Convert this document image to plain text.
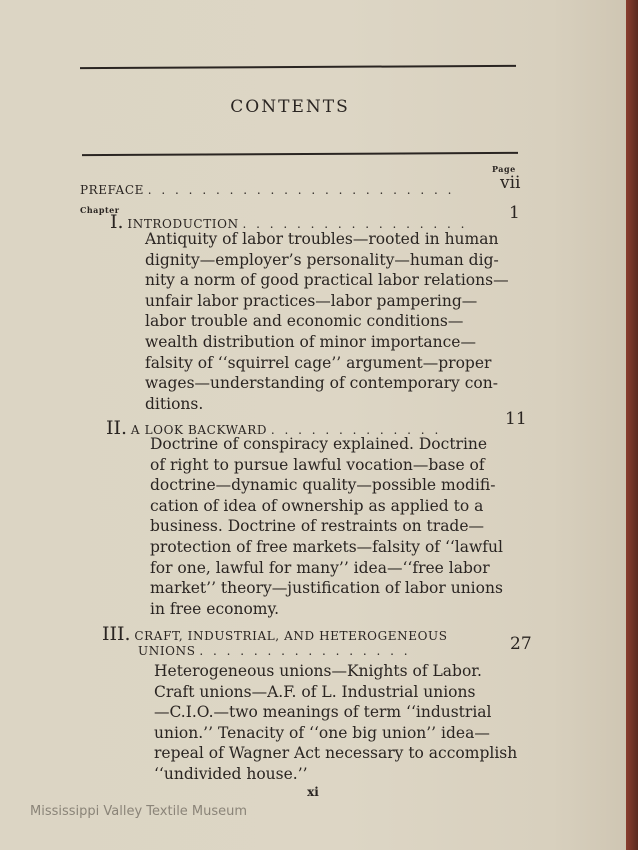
CONTENTS
Page
Chapter
PREFACE . . . . . . . . . . . . . . . . . . . . . . .	vii
I. INTRODUCTION . . . . . . . . . . . . . . . . .
1
Antiquity of labor troubles—rooted in human
dignity—employer’s personality—human dig-
nity a norm of good practical labor relations—
unfair labor practices—labor pampering—
labor trouble and economic conditions—
wealth distribution of minor importance—
falsity of ‘‘squirrel cage’’ argument—proper
wages—understanding of contemporary con-
ditions.
II. A LOOK BACKWARD . . . . . . . . . . . . .
11
Doctrine of conspiracy explained. Doctrine
of right to pursue lawful vocation—base of
doctrine—dynamic quality—possible modifi-
cation of idea of ownership as applied to a
business. Doctrine of restraints on trade—
protection of free markets—falsity of ‘‘lawful
for one, lawful for many’’ idea—‘‘free labor
market’’ theory—justification of labor unions
in free economy.
III. CRAFT, INDUSTRIAL, AND HETEROGENEOUS
UNIONS . . . . . . . . . . . . . . . .	27
Heterogeneous unions—Knights of Labor.
Craft unions—A.F. of L. Industrial unions
—C.I.O.—two meanings of term ‘‘industrial
union.’’ Tenacity of ‘‘one big union’’ idea—
repeal of Wagner Act necessary to accomplish
‘‘undivided house.’’
xi
Mississippi Valley Textile Museum
